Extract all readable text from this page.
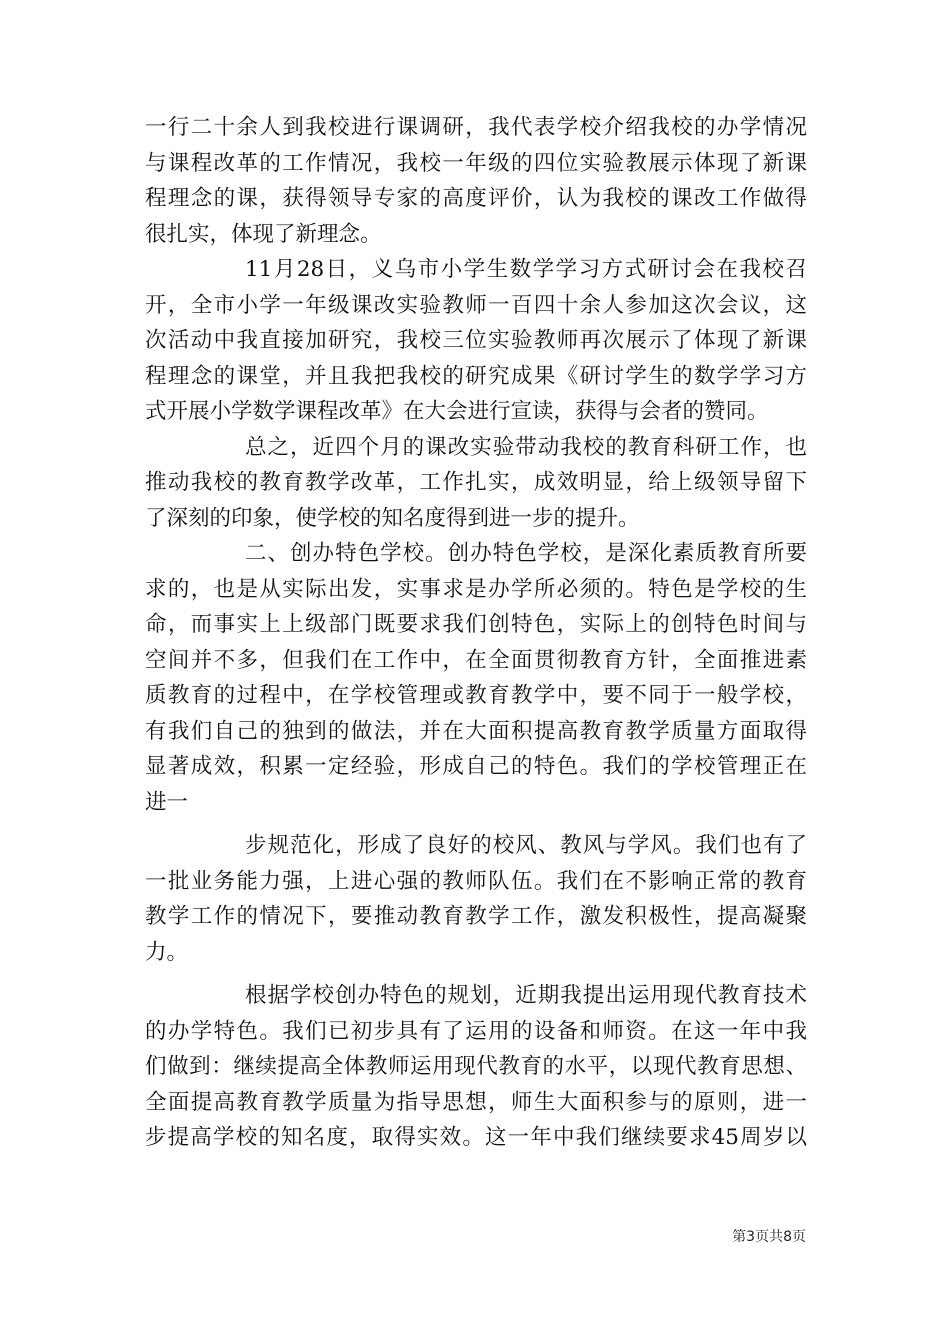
一行二十余人到我校进行课调研，我代表学校介绍我校的办学情况
与课程改革的工作情况，我校一年级的四位实验教展示体现了新课
程理念的课，获得领导专家的高度评价，认为我校的课改工作做得
很扎实，体现了新理念。
11月28日，义乌市小学生数学学习方式研讨会在我校召
开，全市小学一年级课改实验教师一百四十余人参加这次会议，这
次活动中我直接加研究，我校三位实验教师再次展示了体现了新课
程理念的课堂，并且我把我校的研究成果《研讨学生的数学学习方
式开展小学数学课程改革》在大会进行宣读，获得与会者的赞同。
总之，近四个月的课改实验带动我校的教育科研工作，也
推动我校的教育教学改革，工作扎实，成效明显，给上级领导留下
了深刻的印象，使学校的知名度得到进一步的提升。
二、创办特色学校。创办特色学校，是深化素质教育所要
求的，也是从实际出发，实事求是办学所必须的。特色是学校的生
命，而事实上上级部门既要求我们创特色，实际上的创特色时间与
空间并不多，但我们在工作中，在全面贯彻教育方针，全面推进素
质教育的过程中，在学校管理或教育教学中，要不同于一般学校，
有我们自己的独到的做法，并在大面积提高教育教学质量方面取得
显著成效，积累一定经验，形成自己的特色。我们的学校管理正在
进一
步规范化，形成了良好的校风、教风与学风。我们也有了
一批业务能力强，上进心强的教师队伍。我们在不影响正常的教育
教学工作的情况下，要推动教育教学工作，激发积极性，提高凝聚
力。
根据学校创办特色的规划，近期我提出运用现代教育技术
的办学特色。我们已初步具有了运用的设备和师资。在这一年中我
们做到：继续提高全体教师运用现代教育的水平，以现代教育思想、
全面提高教育教学质量为指导思想，师生大面积参与的原则，进一
步提高学校的知名度，取得实效。这一年中我们继续要求45周岁以
第3页共8页
